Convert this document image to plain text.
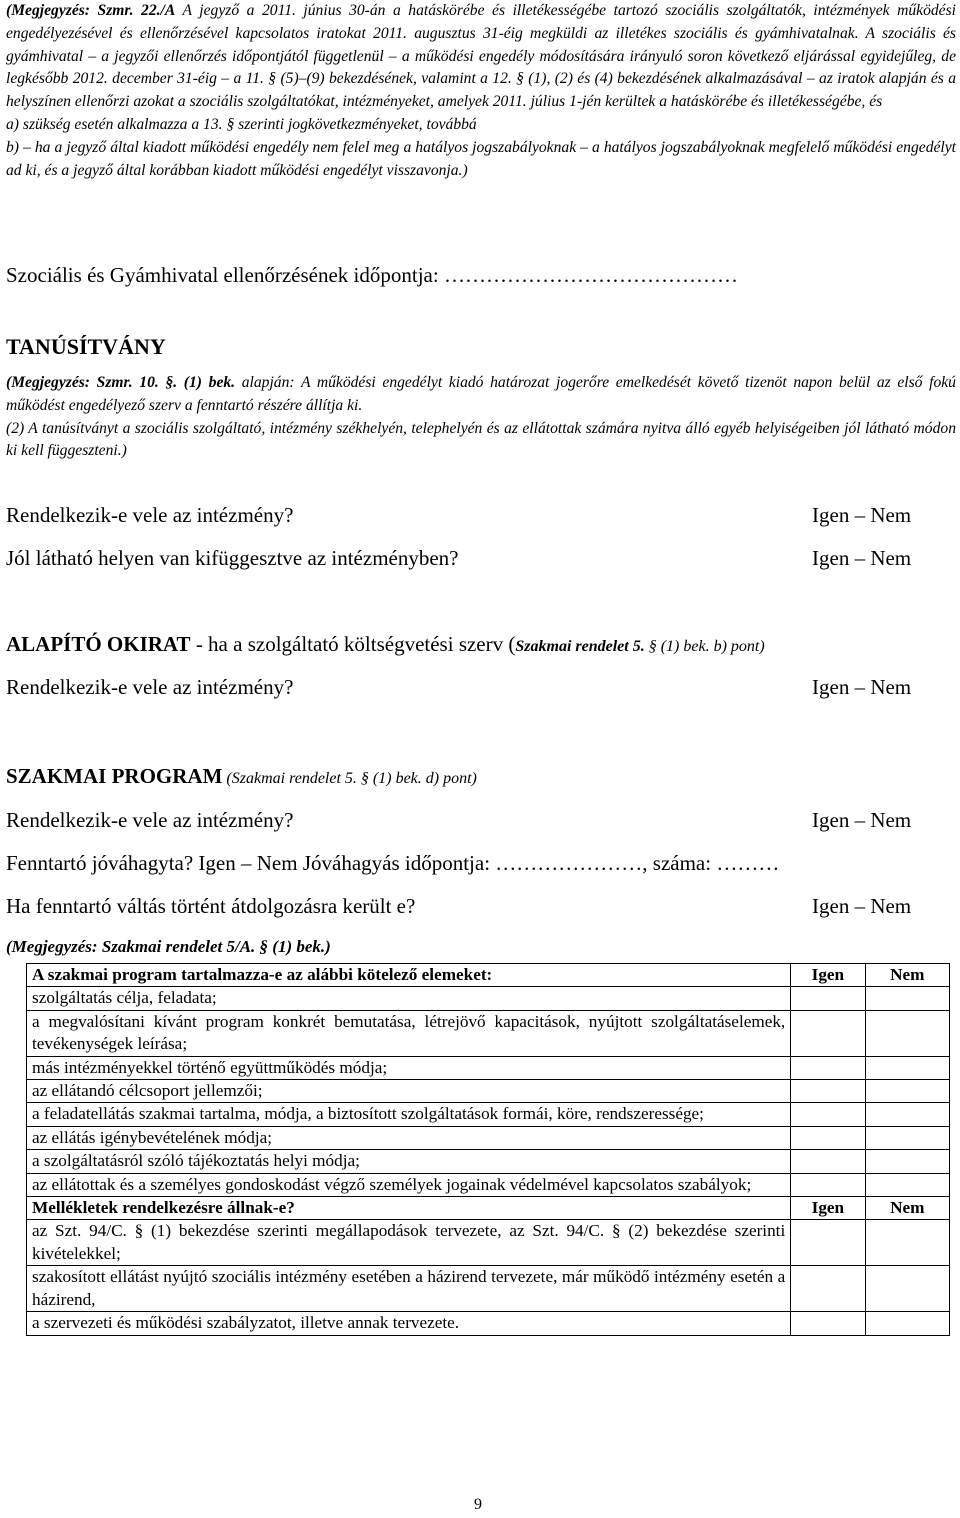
(Megjegyzés: Szmr. 22./A A jegyző a 2011. június 30-án a hatáskörébe és illetékességébe tartozó szociális szolgáltatók, intézmények működési engedélyezésével és ellenőrzésével kapcsolatos iratokat 2011. augusztus 31-éig megküldi az illetékes szociális és gyámhivatalnak. A szociális és gyámhivatal – a jegyzői ellenőrzés időpontjától függetlenül – a működési engedély módosítására irányuló soron következő eljárással egyidejűleg, de legkésőbb 2012. december 31-éig – a 11. § (5)–(9) bekezdésének, valamint a 12. § (1), (2) és (4) bekezdésének alkalmazásával – az iratok alapján és a helyszínen ellenőrzi azokat a szociális szolgáltatókat, intézményeket, amelyek 2011. július 1-jén kerültek a hatáskörébe és illetékességébe, és

a) szükség esetén alkalmazza a 13. § szerinti jogkövetkezményeket, továbbá

b) – ha a jegyző által kiadott működési engedély nem felel meg a hatályos jogszabályoknak – a hatályos jogszabályoknak megfelelő működési engedélyt ad ki, és a jegyző által korábban kiadott működési engedélyt visszavonja.)

Szociális és Gyámhivatal ellenőrzésének időpontja: ……………………………………
TANÚSÍTVÁNY

(Megjegyzés: Szmr. 10. §. (1) bek. alapján: A működési engedélyt kiadó határozat jogerőre emelkedését követő tizenöt napon belül az első fokú működést engedélyező szerv a fenntartó részére állítja ki.

(2) A tanúsítványt a szociális szolgáltató, intézmény székhelyén, telephelyén és az ellátottak számára nyitva álló egyéb helyiségeiben jól látható módon ki kell függeszteni.)

Rendelkezik-e vele az intézmény?	Igen – Nem
Jól látható helyen van kifüggesztve az intézményben?	Igen – Nem
ALAPÍTÓ OKIRAT - ha a szolgáltató költségvetési szerv (Szakmai rendelet 5. § (1) bek. b) pont)
Rendelkezik-e vele az intézmény?	Igen – Nem
SZAKMAI PROGRAM (Szakmai rendelet 5. § (1) bek. d) pont)
Rendelkezik-e vele az intézmény?	Igen – Nem
Fenntartó jóváhagyta? Igen – Nem Jóváhagyás időpontja: …………………, száma: ………
Ha fenntartó váltás történt átdolgozásra került e?	Igen – Nem
(Megjegyzés: Szakmai rendelet 5/A. § (1) bek.)
A szakmai program tartalmazza-e az alábbi kötelező elemeket:	Igen	Nem
szolgáltatás célja, feladata;		
a megvalósítani kívánt program konkrét bemutatása, létrejövő kapacitások, nyújtott szolgáltatáselemek, tevékenységek leírása;		
más intézményekkel történő együttműködés módja;		
az ellátandó célcsoport jellemzői;		
a feladatellátás szakmai tartalma, módja, a biztosított szolgáltatások formái, köre, rendszeressége;		
az ellátás igénybevételének módja;		
a szolgáltatásról szóló tájékoztatás helyi módja;		
az ellátottak és a személyes gondoskodást végző személyek jogainak védelmével kapcsolatos szabályok;		
Mellékletek rendelkezésre állnak-e?	Igen	Nem
az Szt. 94/C. § (1) bekezdése szerinti megállapodások tervezete, az Szt. 94/C. § (2) bekezdése szerinti kivételekkel;		
szakosított ellátást nyújtó szociális intézmény esetében a házirend tervezete, már működő intézmény esetén a házirend,		
a szervezeti és működési szabályzatot, illetve annak tervezete.		
9
